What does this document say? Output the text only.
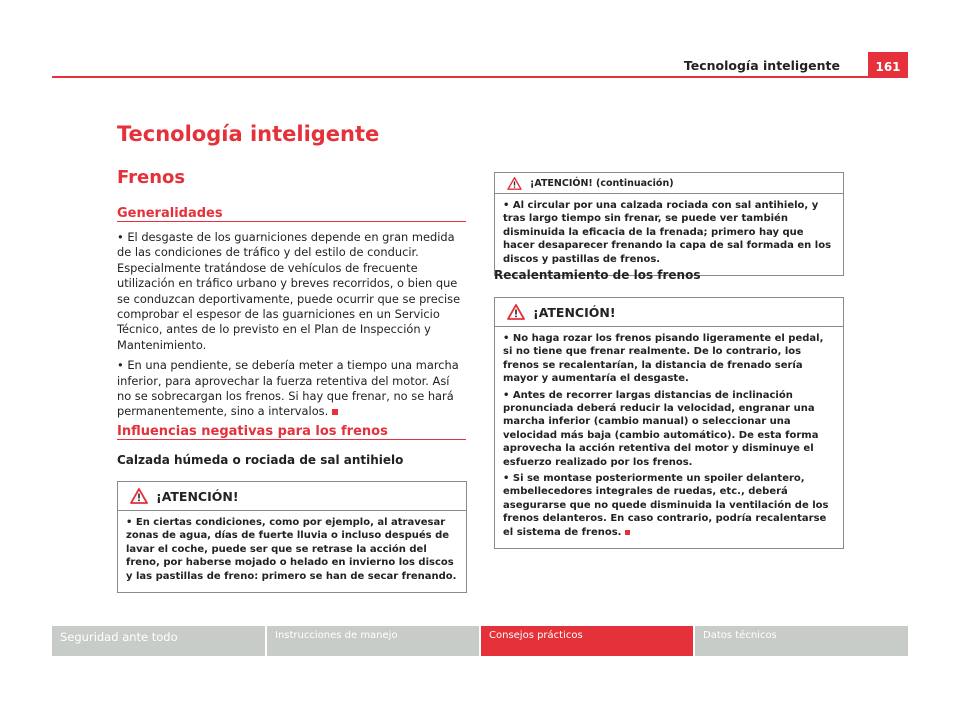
Tecnología inteligente	161
Tecnología inteligente
Frenos
Generalidades

• El desgaste de los guarniciones depende en gran medida de las condiciones de tráfico y del estilo de conducir. Especialmente tratándose de vehículos de frecuente utilización en tráfico urbano y breves recorridos, o bien que se conduzcan deportivamente, puede ocurrir que se precise comprobar el espesor de las guarniciones en un Servicio Técnico, antes de lo previsto en el Plan de Inspección y Mantenimiento.

• En una pendiente, se debería meter a tiempo una marcha inferior, para aprovechar la fuerza retentiva del motor. Así no se sobrecargan los frenos. Si hay que frenar, no se hará permanentemente, sino a intervalos.

Influencias negativas para los frenos
Calzada húmeda o rociada de sal antihielo
¡ATENCIÓN!

• En ciertas condiciones, como por ejemplo, al atravesar zonas de agua, días de fuerte lluvia o incluso después de lavar el coche, puede ser que se retrase la acción del freno, por haberse mojado o helado en invierno los discos y las pastillas de freno: primero se han de secar frenando.

¡ATENCIÓN! (continuación)

• Al circular por una calzada rociada con sal antihielo, y tras largo tiempo sin frenar, se puede ver también disminuida la eficacia de la frenada; primero hay que hacer desaparecer frenando la capa de sal formada en los discos y pastillas de frenos.

Recalentamiento de los frenos
¡ATENCIÓN!

• No haga rozar los frenos pisando ligeramente el pedal, si no tiene que frenar realmente. De lo contrario, los frenos se recalentarían, la distancia de frenado sería mayor y aumentaría el desgaste.

• Antes de recorrer largas distancias de inclinación pronunciada deberá reducir la velocidad, engranar una marcha inferior (cambio manual) o seleccionar una velocidad más baja (cambio automático). De esta forma aprovecha la acción retentiva del motor y disminuye el esfuerzo realizado por los frenos.

• Si se montase posteriormente un spoiler delantero, embellecedores integrales de ruedas, etc., deberá asegurarse que no quede disminuida la ventilación de los frenos delanteros. En caso contrario, podría recalentarse el sistema de frenos.

Seguridad ante todo	Instrucciones de manejo	Consejos prácticos	Datos técnicos
